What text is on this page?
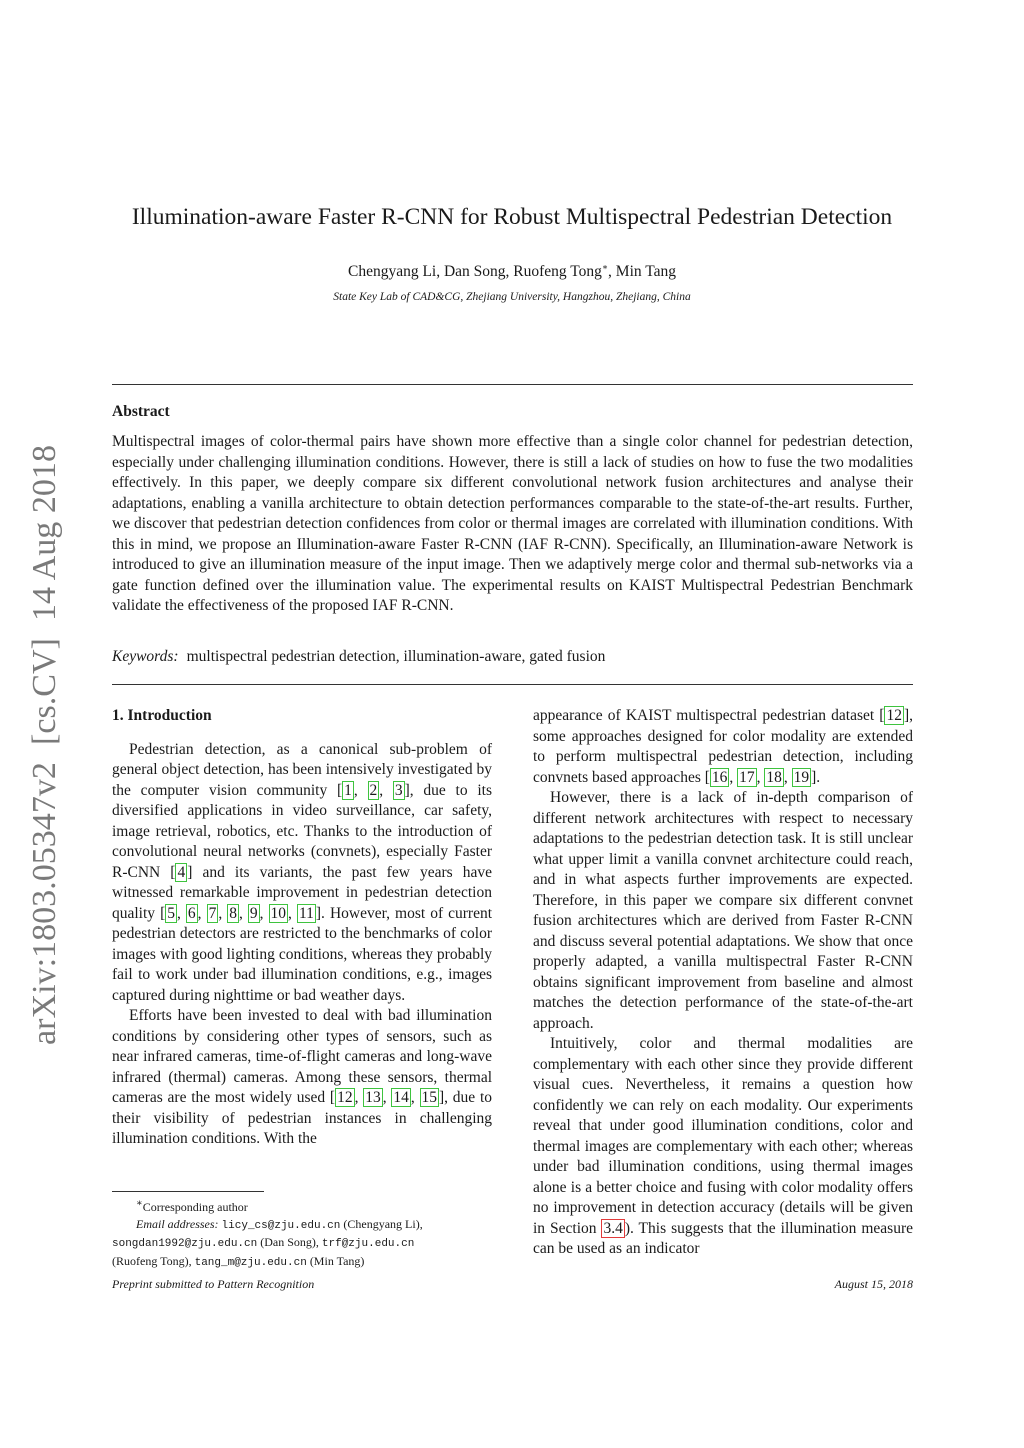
arXiv:1803.05347v2  [cs.CV]  14 Aug 2018
Illumination-aware Faster R-CNN for Robust Multispectral Pedestrian Detection
Chengyang Li, Dan Song, Ruofeng Tong∗, Min Tang
State Key Lab of CAD&CG, Zhejiang University, Hangzhou, Zhejiang, China
Abstract
Multispectral images of color-thermal pairs have shown more effective than a single color channel for pedestrian detection, especially under challenging illumination conditions. However, there is still a lack of studies on how to fuse the two modalities effectively. In this paper, we deeply compare six different convolutional network fusion architectures and analyse their adaptations, enabling a vanilla architecture to obtain detection performances comparable to the state-of-the-art results. Further, we discover that pedestrian detection confidences from color or thermal images are correlated with illumination conditions. With this in mind, we propose an Illumination-aware Faster R-CNN (IAF R-CNN). Specifically, an Illumination-aware Network is introduced to give an illumination measure of the input image. Then we adaptively merge color and thermal sub-networks via a gate function defined over the illumination value. The experimental results on KAIST Multispectral Pedestrian Benchmark validate the effectiveness of the proposed IAF R-CNN.
Keywords: multispectral pedestrian detection, illumination-aware, gated fusion
1. Introduction

Pedestrian detection, as a canonical sub-problem of general object detection, has been intensively investigated by the computer vision community [ 1 , 2 , 3 ], due to its diversified applications in video surveillance, car safety, image retrieval, robotics, etc. Thanks to the introduction of convolutional neural networks (convnets), especially Faster R-CNN [ 4 ] and its variants, the past few years have witnessed remarkable improvement in pedestrian detection quality [ 5 , 6 , 7 , 8 , 9 , 10 , 11 ]. However, most of current pedestrian detectors are restricted to the benchmarks of color images with good lighting conditions, whereas they probably fail to work under bad illumination conditions, e.g., images captured during nighttime or bad weather days.

Efforts have been invested to deal with bad illumination conditions by considering other types of sensors, such as near infrared cameras, time-of-flight cameras and long-wave infrared (thermal) cameras. Among these sensors, thermal cameras are the most widely used [ 12 , 13 , 14 , 15 ], due to their visibility of pedestrian instances in challenging illumination conditions. With the

appearance of KAIST multispectral pedestrian dataset [ 12 ], some approaches designed for color modality are extended to perform multispectral pedestrian detection, including convnets based approaches [ 16 , 17 , 18 , 19 ].

However, there is a lack of in-depth comparison of different network architectures with respect to necessary adaptations to the pedestrian detection task. It is still unclear what upper limit a vanilla convnet architecture could reach, and in what aspects further improvements are expected. Therefore, in this paper we compare six different convnet fusion architectures which are derived from Faster R-CNN and discuss several potential adaptations. We show that once properly adapted, a vanilla multispectral Faster R-CNN obtains significant improvement from baseline and almost matches the detection performance of the state-of-the-art approach.

Intuitively, color and thermal modalities are complementary with each other since they provide different visual cues. Nevertheless, it remains a question how confidently we can rely on each modality. Our experiments reveal that under good illumination conditions, color and thermal images are complementary with each other; whereas under bad illumination conditions, using thermal images alone is a better choice and fusing with color modality offers no improvement in detection accuracy (details will be given in Section 3.4 ). This suggests that the illumination measure can be used as an indicator

∗Corresponding author
Email addresses: licy_cs@zju.edu.cn (Chengyang Li),
songdan1992@zju.edu.cn (Dan Song), trf@zju.edu.cn
(Ruofeng Tong), tang_m@zju.edu.cn (Min Tang)
Preprint submitted to Pattern Recognition	August 15, 2018
